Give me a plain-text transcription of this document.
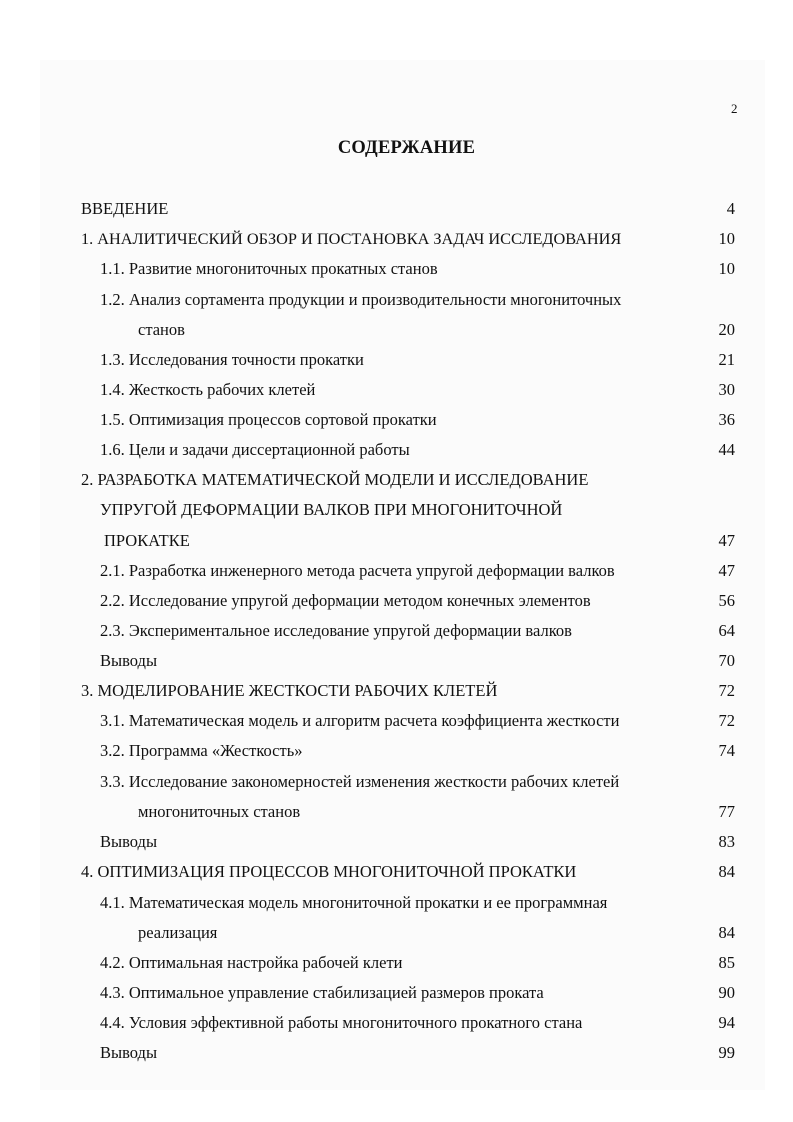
2
СОДЕРЖАНИЕ
ВВЕДЕНИЕ	4
1. АНАЛИТИЧЕСКИЙ ОБЗОР И ПОСТАНОВКА ЗАДАЧ ИССЛЕДОВАНИЯ	10
1.1. Развитие многониточных прокатных станов	10
1.2. Анализ сортамента продукции и производительности многониточных
станов	20
1.3. Исследования точности прокатки	21
1.4. Жесткость рабочих клетей	30
1.5. Оптимизация процессов сортовой прокатки	36
1.6. Цели и задачи диссертационной работы	44
2. РАЗРАБОТКА МАТЕМАТИЧЕСКОЙ МОДЕЛИ И ИССЛЕДОВАНИЕ
УПРУГОЙ ДЕФОРМАЦИИ ВАЛКОВ ПРИ МНОГОНИТОЧНОЙ
ПРОКАТКЕ	47
2.1. Разработка инженерного метода расчета упругой деформации валков	47
2.2. Исследование упругой деформации методом конечных элементов	56
2.3. Экспериментальное исследование упругой деформации валков	64
Выводы	70
3. МОДЕЛИРОВАНИЕ ЖЕСТКОСТИ РАБОЧИХ КЛЕТЕЙ	72
3.1. Математическая модель и алгоритм расчета коэффициента жесткости	72
3.2. Программа «Жесткость»	74
3.3. Исследование закономерностей изменения жесткости рабочих клетей
многониточных станов	77
Выводы	83
4. ОПТИМИЗАЦИЯ ПРОЦЕССОВ МНОГОНИТОЧНОЙ ПРОКАТКИ	84
4.1. Математическая модель многониточной прокатки и ее программная
реализация	84
4.2. Оптимальная настройка рабочей клети	85
4.3. Оптимальное управление стабилизацией размеров проката	90
4.4. Условия эффективной работы многониточного прокатного стана	94
Выводы	99
